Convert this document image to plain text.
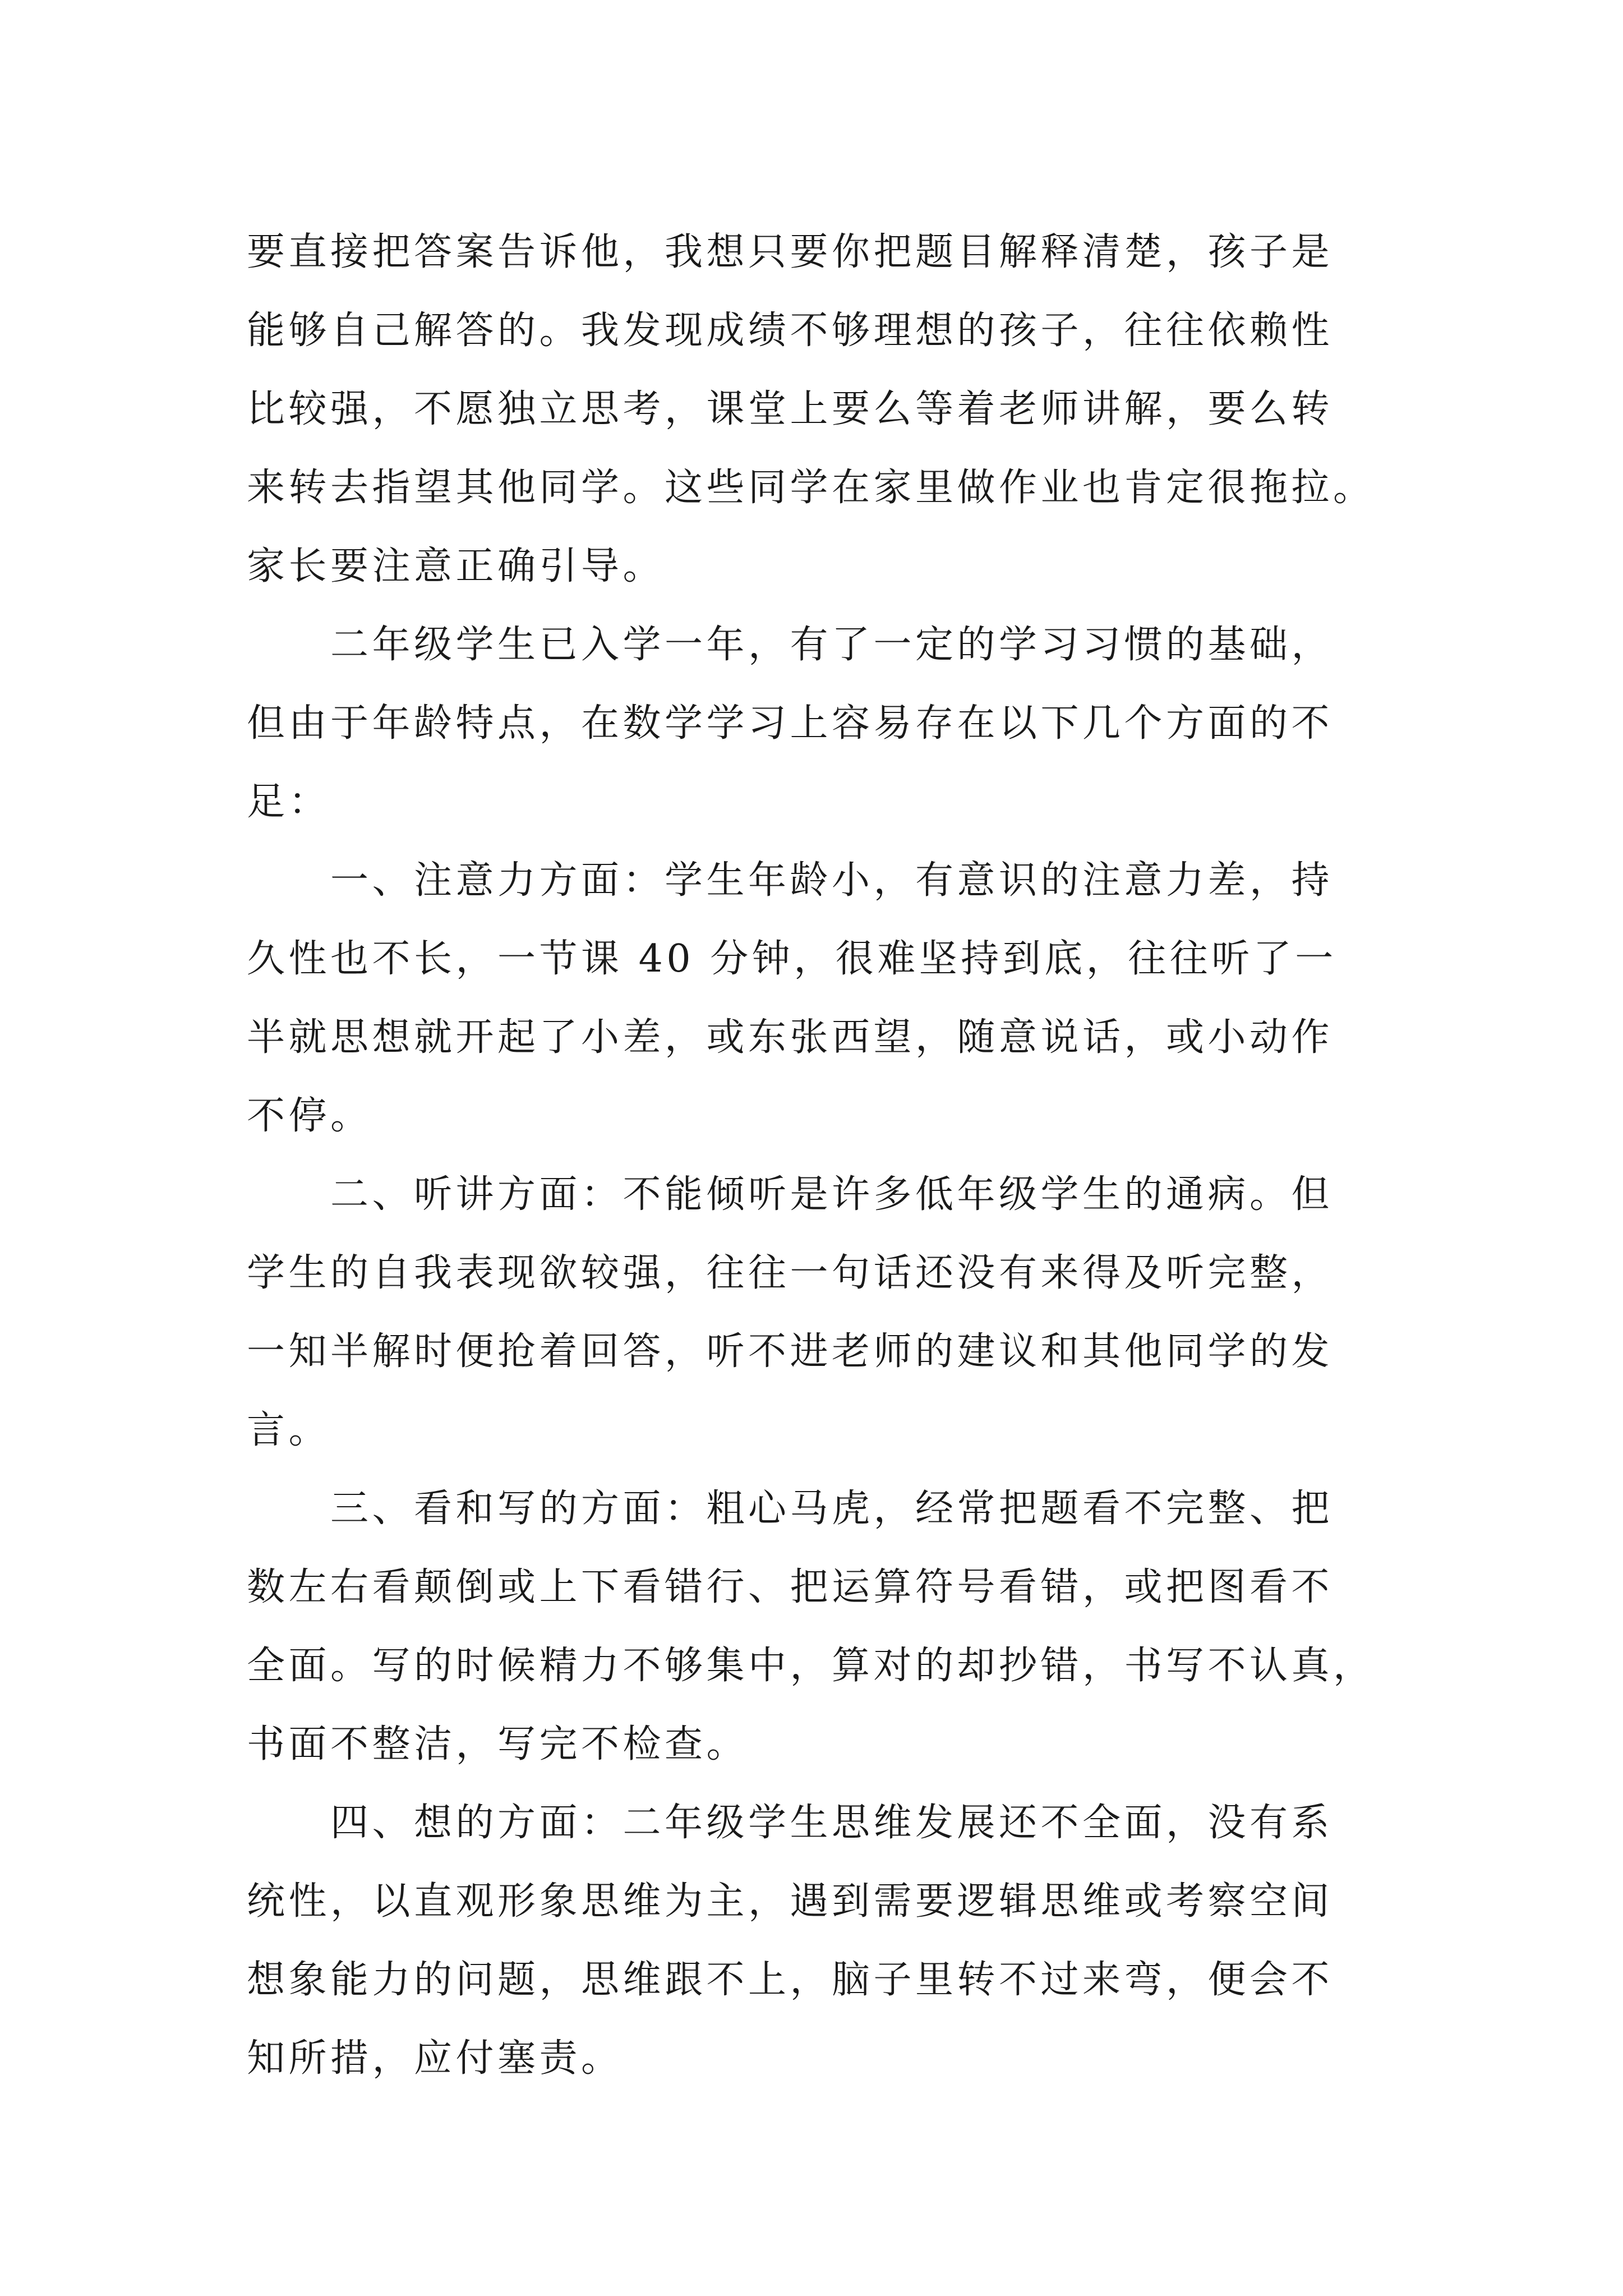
要直接把答案告诉他，我想只要你把题目解释清楚，孩子是
能够自己解答的。我发现成绩不够理想的孩子，往往依赖性
比较强，不愿独立思考，课堂上要么等着老师讲解，要么转
来转去指望其他同学。这些同学在家里做作业也肯定很拖拉。
家长要注意正确引导。

　　二年级学生已入学一年，有了一定的学习习惯的基础，
但由于年龄特点，在数学学习上容易存在以下几个方面的不
足：

　　一、注意力方面：学生年龄小，有意识的注意力差，持
久性也不长，一节课 40 分钟，很难坚持到底，往往听了一
半就思想就开起了小差，或东张西望，随意说话，或小动作
不停。

　　二、听讲方面：不能倾听是许多低年级学生的通病。但
学生的自我表现欲较强，往往一句话还没有来得及听完整，
一知半解时便抢着回答，听不进老师的建议和其他同学的发
言。

　　三、看和写的方面：粗心马虎，经常把题看不完整、把
数左右看颠倒或上下看错行、把运算符号看错，或把图看不
全面。写的时候精力不够集中，算对的却抄错，书写不认真，
书面不整洁，写完不检查。

　　四、想的方面：二年级学生思维发展还不全面，没有系
统性，以直观形象思维为主，遇到需要逻辑思维或考察空间
想象能力的问题，思维跟不上，脑子里转不过来弯，便会不
知所措，应付塞责。
